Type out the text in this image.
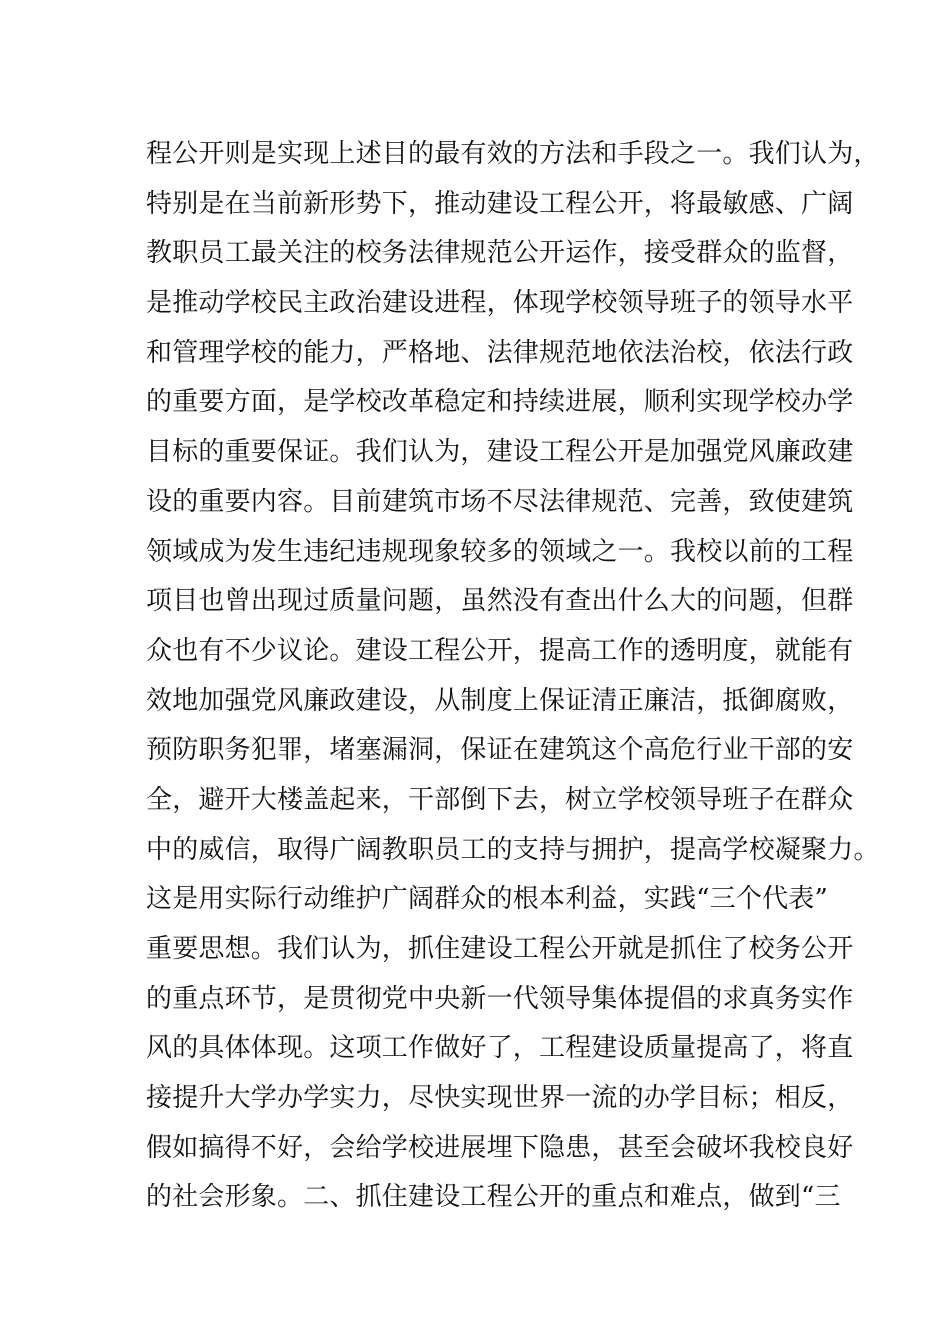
程公开则是实现上述目的最有效的方法和手段之一。我们认为，
特别是在当前新形势下，推动建设工程公开，将最敏感、广阔
教职员工最关注的校务法律规范公开运作，接受群众的监督，
是推动学校民主政治建设进程，体现学校领导班子的领导水平
和管理学校的能力，严格地、法律规范地依法治校，依法行政
的重要方面，是学校改革稳定和持续进展，顺利实现学校办学
目标的重要保证。我们认为，建设工程公开是加强党风廉政建
设的重要内容。目前建筑市场不尽法律规范、完善，致使建筑
领域成为发生违纪违规现象较多的领域之一。我校以前的工程
项目也曾出现过质量问题，虽然没有查出什么大的问题，但群
众也有不少议论。建设工程公开，提高工作的透明度，就能有
效地加强党风廉政建设，从制度上保证清正廉洁，抵御腐败，
预防职务犯罪，堵塞漏洞，保证在建筑这个高危行业干部的安
全，避开大楼盖起来，干部倒下去，树立学校领导班子在群众
中的威信，取得广阔教职员工的支持与拥护，提高学校凝聚力。
这是用实际行动维护广阔群众的根本利益，实践“三个代表”
重要思想。我们认为，抓住建设工程公开就是抓住了校务公开
的重点环节，是贯彻党中央新一代领导集体提倡的求真务实作
风的具体体现。这项工作做好了，工程建设质量提高了，将直
接提升大学办学实力，尽快实现世界一流的办学目标；相反，
假如搞得不好，会给学校进展埋下隐患，甚至会破坏我校良好
的社会形象。二、抓住建设工程公开的重点和难点，做到“三
